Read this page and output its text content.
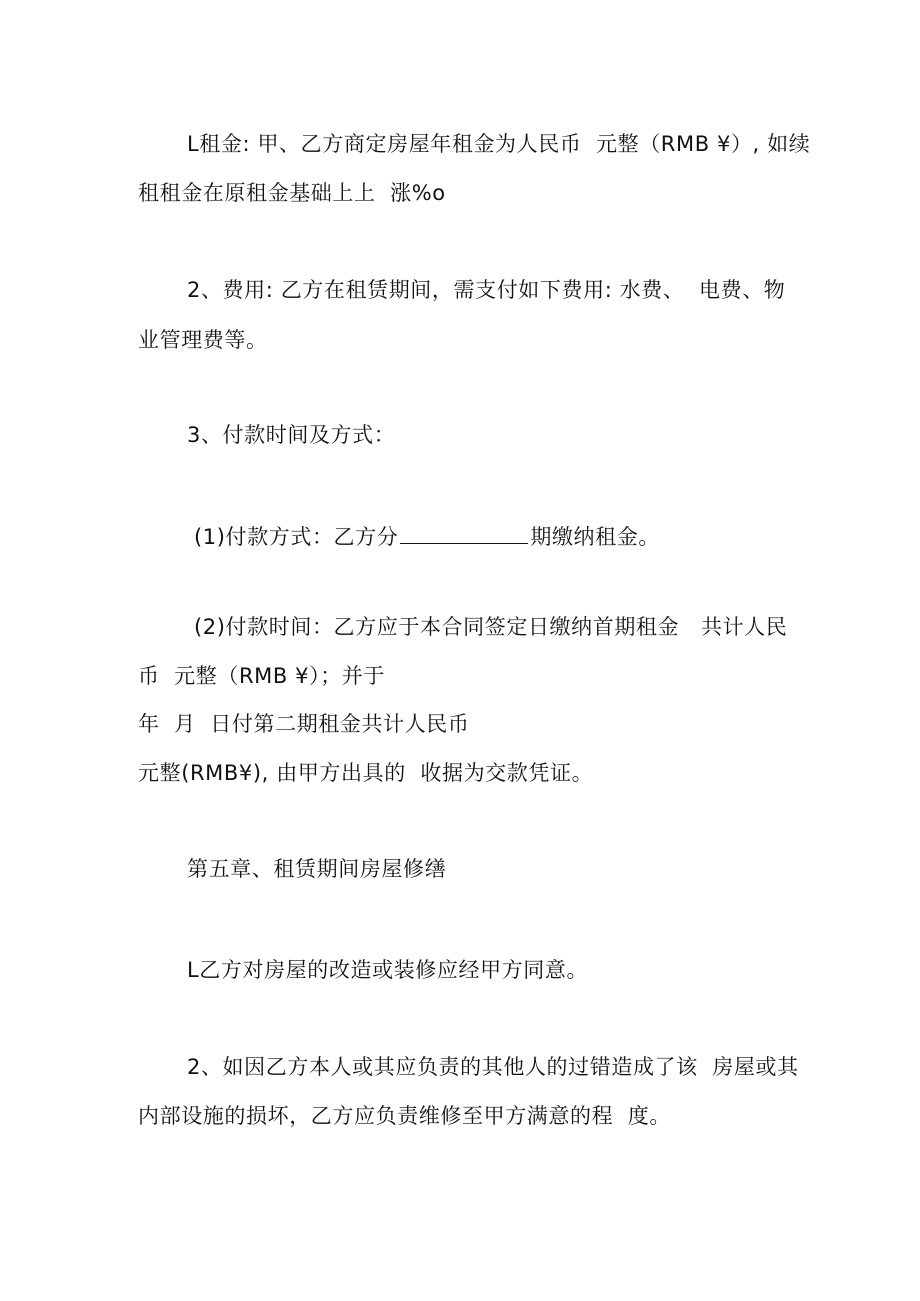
L租金: 甲、乙方商定房屋年租金为人民币  元整（RMB ¥）, 如续
租租金在原租金基础上上  涨%o
2、费用: 乙方在租赁期间，需支付如下费用: 水费、  电费、物
业管理费等。
3、付款时间及方式：
(1)付款方式：乙方分	期缴纳租金。
(2)付款时间：乙方应于本合同签定日缴纳首期租金   共计人民
币  元整（RMB ¥）；并于
年  月  日付第二期租金共计人民币
元整(RMB¥), 由甲方出具的  收据为交款凭证。
第五章、租赁期间房屋修缮
L乙方对房屋的改造或装修应经甲方同意。
2、如因乙方本人或其应负责的其他人的过错造成了该  房屋或其
内部设施的损坏，乙方应负责维修至甲方满意的程  度。
